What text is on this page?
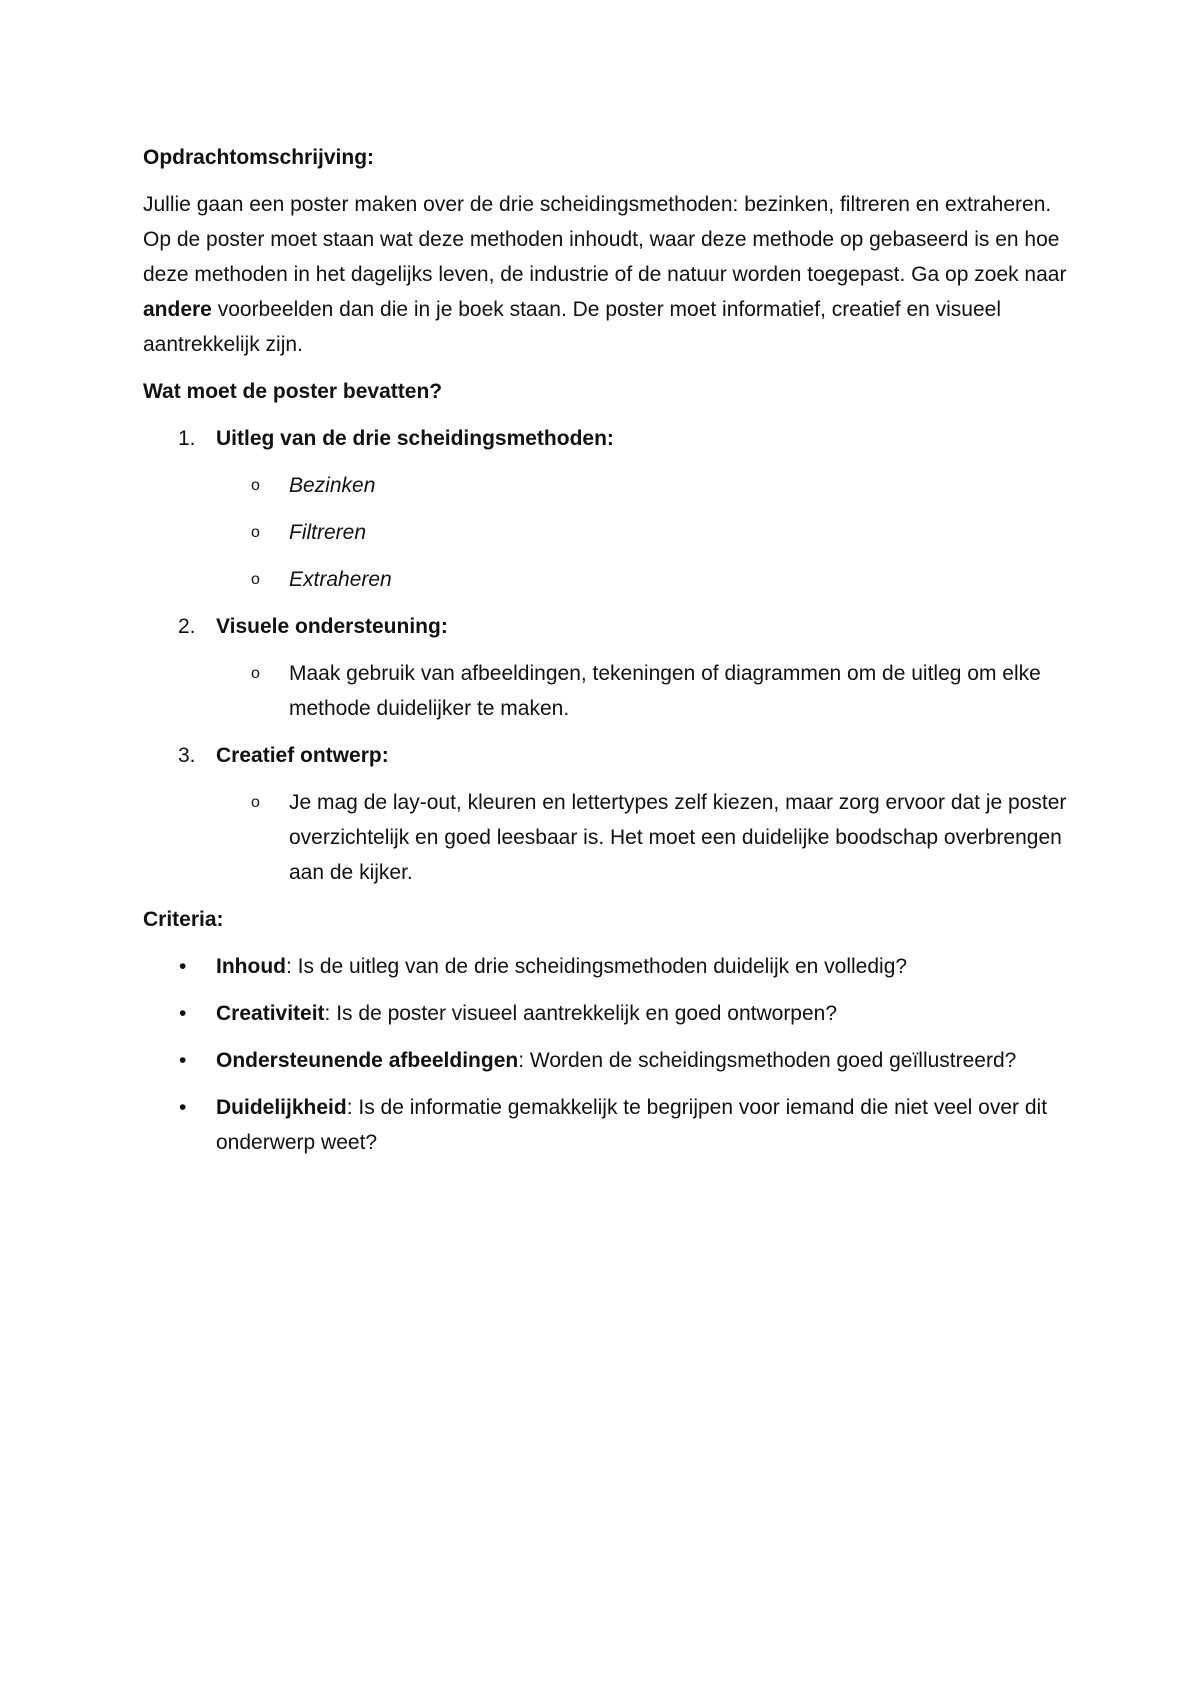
Opdrachtomschrijving:
Jullie gaan een poster maken over de drie scheidingsmethoden: bezinken, filtreren en extraheren. Op de poster moet staan wat deze methoden inhoudt, waar deze methode op gebaseerd is en hoe deze methoden in het dagelijks leven, de industrie of de natuur worden toegepast. Ga op zoek naar andere voorbeelden dan die in je boek staan. De poster moet informatief, creatief en visueel aantrekkelijk zijn.
Wat moet de poster bevatten?
1. Uitleg van de drie scheidingsmethoden:
o Bezinken
o Filtreren
o Extraheren
2. Visuele ondersteuning:
o Maak gebruik van afbeeldingen, tekeningen of diagrammen om de uitleg om elke methode duidelijker te maken.
3. Creatief ontwerp:
o Je mag de lay-out, kleuren en lettertypes zelf kiezen, maar zorg ervoor dat je poster overzichtelijk en goed leesbaar is. Het moet een duidelijke boodschap overbrengen aan de kijker.
Criteria:
• Inhoud: Is de uitleg van de drie scheidingsmethoden duidelijk en volledig?
• Creativiteit: Is de poster visueel aantrekkelijk en goed ontworpen?
• Ondersteunende afbeeldingen: Worden de scheidingsmethoden goed geïllustreerd?
• Duidelijkheid: Is de informatie gemakkelijk te begrijpen voor iemand die niet veel over dit onderwerp weet?
